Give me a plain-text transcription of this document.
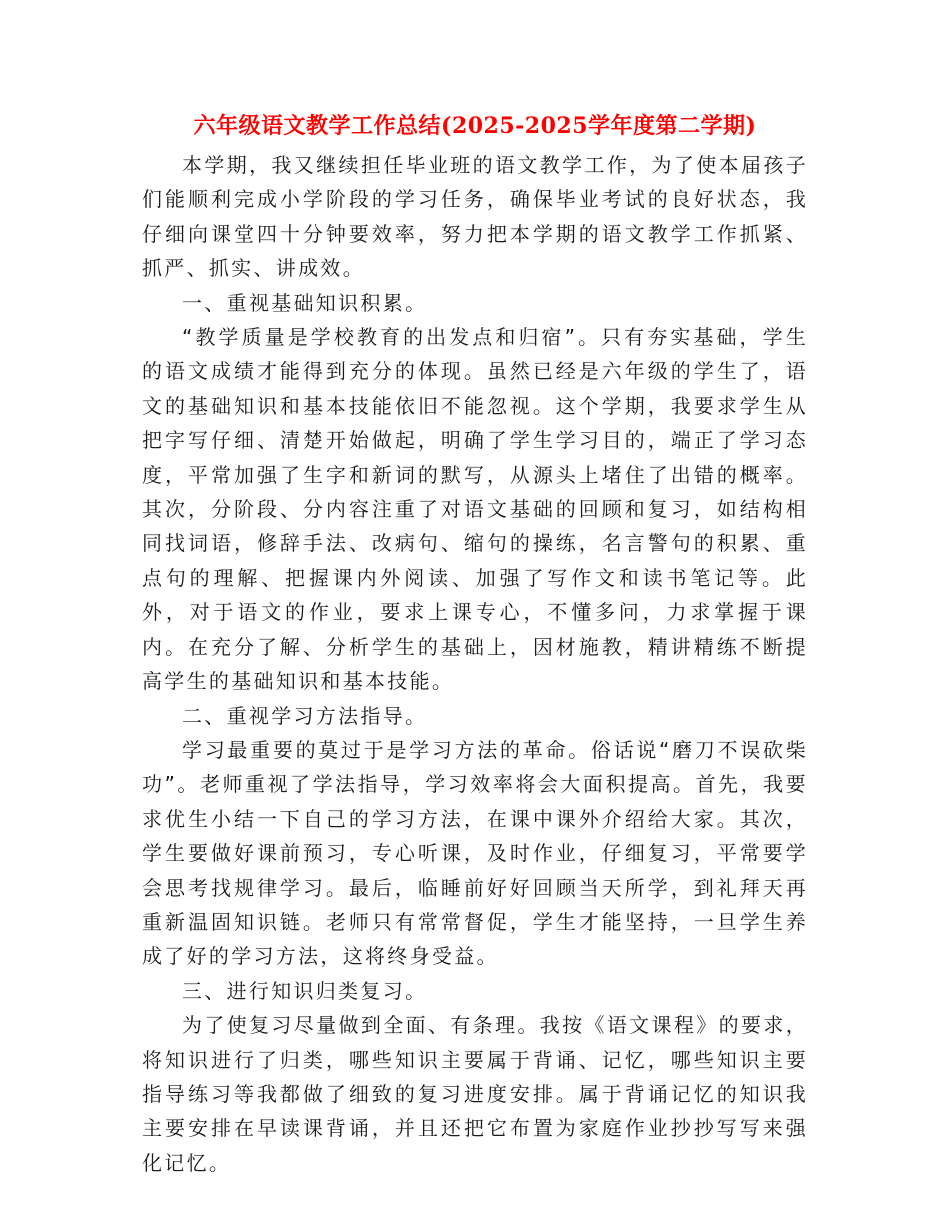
六年级语文教学工作总结(2025-2025学年度第二学期)

本学期，我又继续担任毕业班的语文教学工作，为了使本届孩子们能顺利完成小学阶段的学习任务，确保毕业考试的良好状态，我仔细向课堂四十分钟要效率，努力把本学期的语文教学工作抓紧、抓严、抓实、讲成效。

一、重视基础知识积累。

“教学质量是学校教育的出发点和归宿”。只有夯实基础，学生的语文成绩才能得到充分的体现。虽然已经是六年级的学生了，语文的基础知识和基本技能依旧不能忽视。这个学期，我要求学生从把字写仔细、清楚开始做起，明确了学生学习目的，端正了学习态度，平常加强了生字和新词的默写，从源头上堵住了出错的概率。其次，分阶段、分内容注重了对语文基础的回顾和复习，如结构相同找词语，修辞手法、改病句、缩句的操练，名言警句的积累、重点句的理解、把握课内外阅读、加强了写作文和读书笔记等。此外，对于语文的作业，要求上课专心，不懂多问，力求掌握于课内。在充分了解、分析学生的基础上，因材施教，精讲精练不断提高学生的基础知识和基本技能。

二、重视学习方法指导。

学习最重要的莫过于是学习方法的革命。俗话说“磨刀不误砍柴功”。老师重视了学法指导，学习效率将会大面积提高。首先，我要求优生小结一下自己的学习方法，在课中课外介绍给大家。其次，学生要做好课前预习，专心听课，及时作业，仔细复习，平常要学会思考找规律学习。最后，临睡前好好回顾当天所学，到礼拜天再重新温固知识链。老师只有常常督促，学生才能坚持，一旦学生养成了好的学习方法，这将终身受益。

三、进行知识归类复习。

为了使复习尽量做到全面、有条理。我按《语文课程》的要求，将知识进行了归类，哪些知识主要属于背诵、记忆，哪些知识主要指导练习等我都做了细致的复习进度安排。属于背诵记忆的知识我主要安排在早读课背诵，并且还把它布置为家庭作业抄抄写写来强化记忆。
